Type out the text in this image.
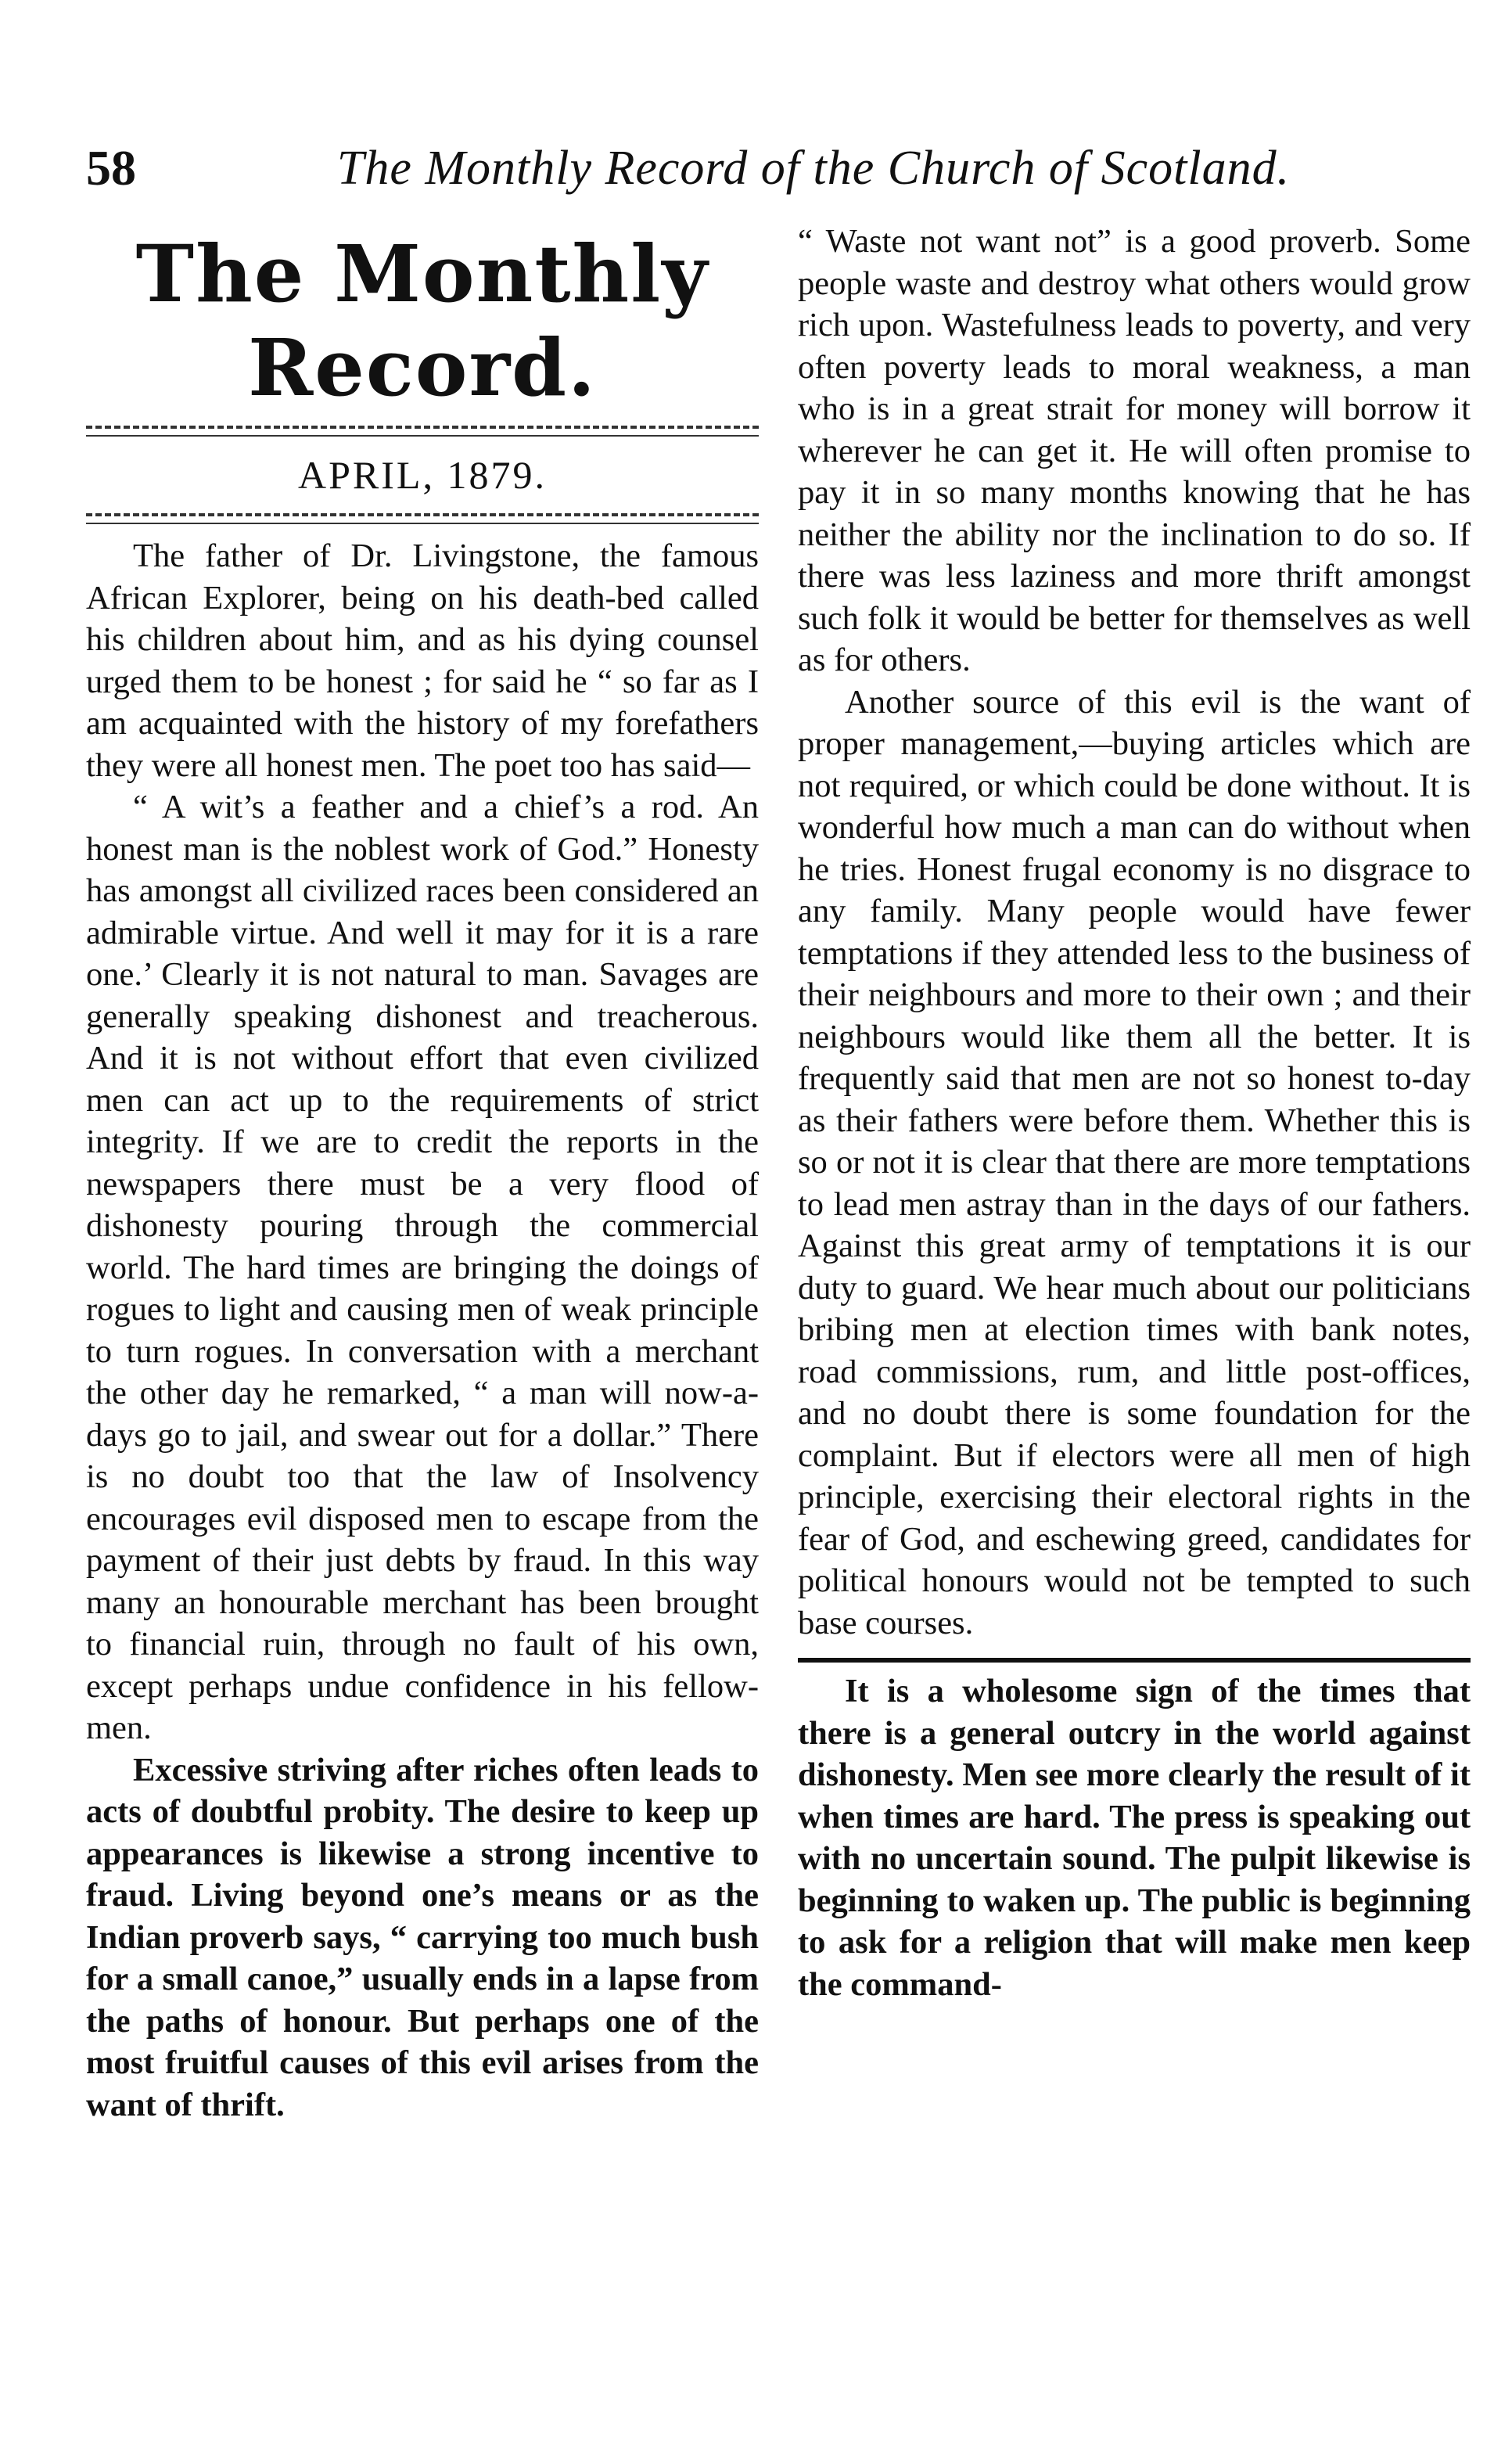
58	The Monthly Record of the Church of Scotland.
The Monthly Record.
APRIL, 1879.

The father of Dr. Livingstone, the famous African Explorer, being on his death-bed called his children about him, and as his dying counsel urged them to be honest ; for said he “ so far as I am acquainted with the history of my forefathers they were all honest men. The poet too has said—

“ A wit’s a feather and a chief’s a rod. An honest man is the noblest work of God.” Honesty has amongst all civilized races been considered an admirable virtue. And well it may for it is a rare one.’ Clearly it is not natural to man. Savages are generally speaking dishonest and treacherous. And it is not without effort that even civilized men can act up to the requirements of strict integrity. If we are to credit the reports in the newspapers there must be a very flood of dishonesty pouring through the commercial world. The hard times are bringing the doings of rogues to light and causing men of weak principle to turn rogues. In conversation with a merchant the other day he remarked, “ a man will now-a-days go to jail, and swear out for a dollar.” There is no doubt too that the law of Insolvency encourages evil disposed men to escape from the payment of their just debts by fraud. In this way many an honourable merchant has been brought to financial ruin, through no fault of his own, except perhaps undue confidence in his fellow-men.

Excessive striving after riches often leads to acts of doubtful probity. The desire to keep up appearances is likewise a strong incentive to fraud. Living beyond one’s means or as the Indian proverb says, “ carrying too much bush for a small canoe,” usually ends in a lapse from the paths of honour. But perhaps one of the most fruitful causes of this evil arises from the want of thrift.

“ Waste not want not” is a good proverb. Some people waste and destroy what others would grow rich upon. Wastefulness leads to poverty, and very often poverty leads to moral weakness, a man who is in a great strait for money will borrow it wherever he can get it. He will often promise to pay it in so many months knowing that he has neither the ability nor the inclination to do so. If there was less laziness and more thrift amongst such folk it would be better for themselves as well as for others.

Another source of this evil is the want of proper management,—buying articles which are not required, or which could be done without. It is wonderful how much a man can do without when he tries. Honest frugal economy is no disgrace to any family. Many people would have fewer temptations if they attended less to the business of their neighbours and more to their own ; and their neighbours would like them all the better. It is frequently said that men are not so honest to-day as their fathers were before them. Whether this is so or not it is clear that there are more temptations to lead men astray than in the days of our fathers. Against this great army of temptations it is our duty to guard. We hear much about our politicians bribing men at election times with bank notes, road commissions, rum, and little post-offices, and no doubt there is some foundation for the complaint. But if electors were all men of high principle, exercising their electoral rights in the fear of God, and eschewing greed, candidates for political honours would not be tempted to such base courses.

It is a wholesome sign of the times that there is a general outcry in the world against dishonesty. Men see more clearly the result of it when times are hard. The press is speaking out with no uncertain sound. The pulpit likewise is beginning to waken up. The public is beginning to ask for a religion that will make men keep the command-
